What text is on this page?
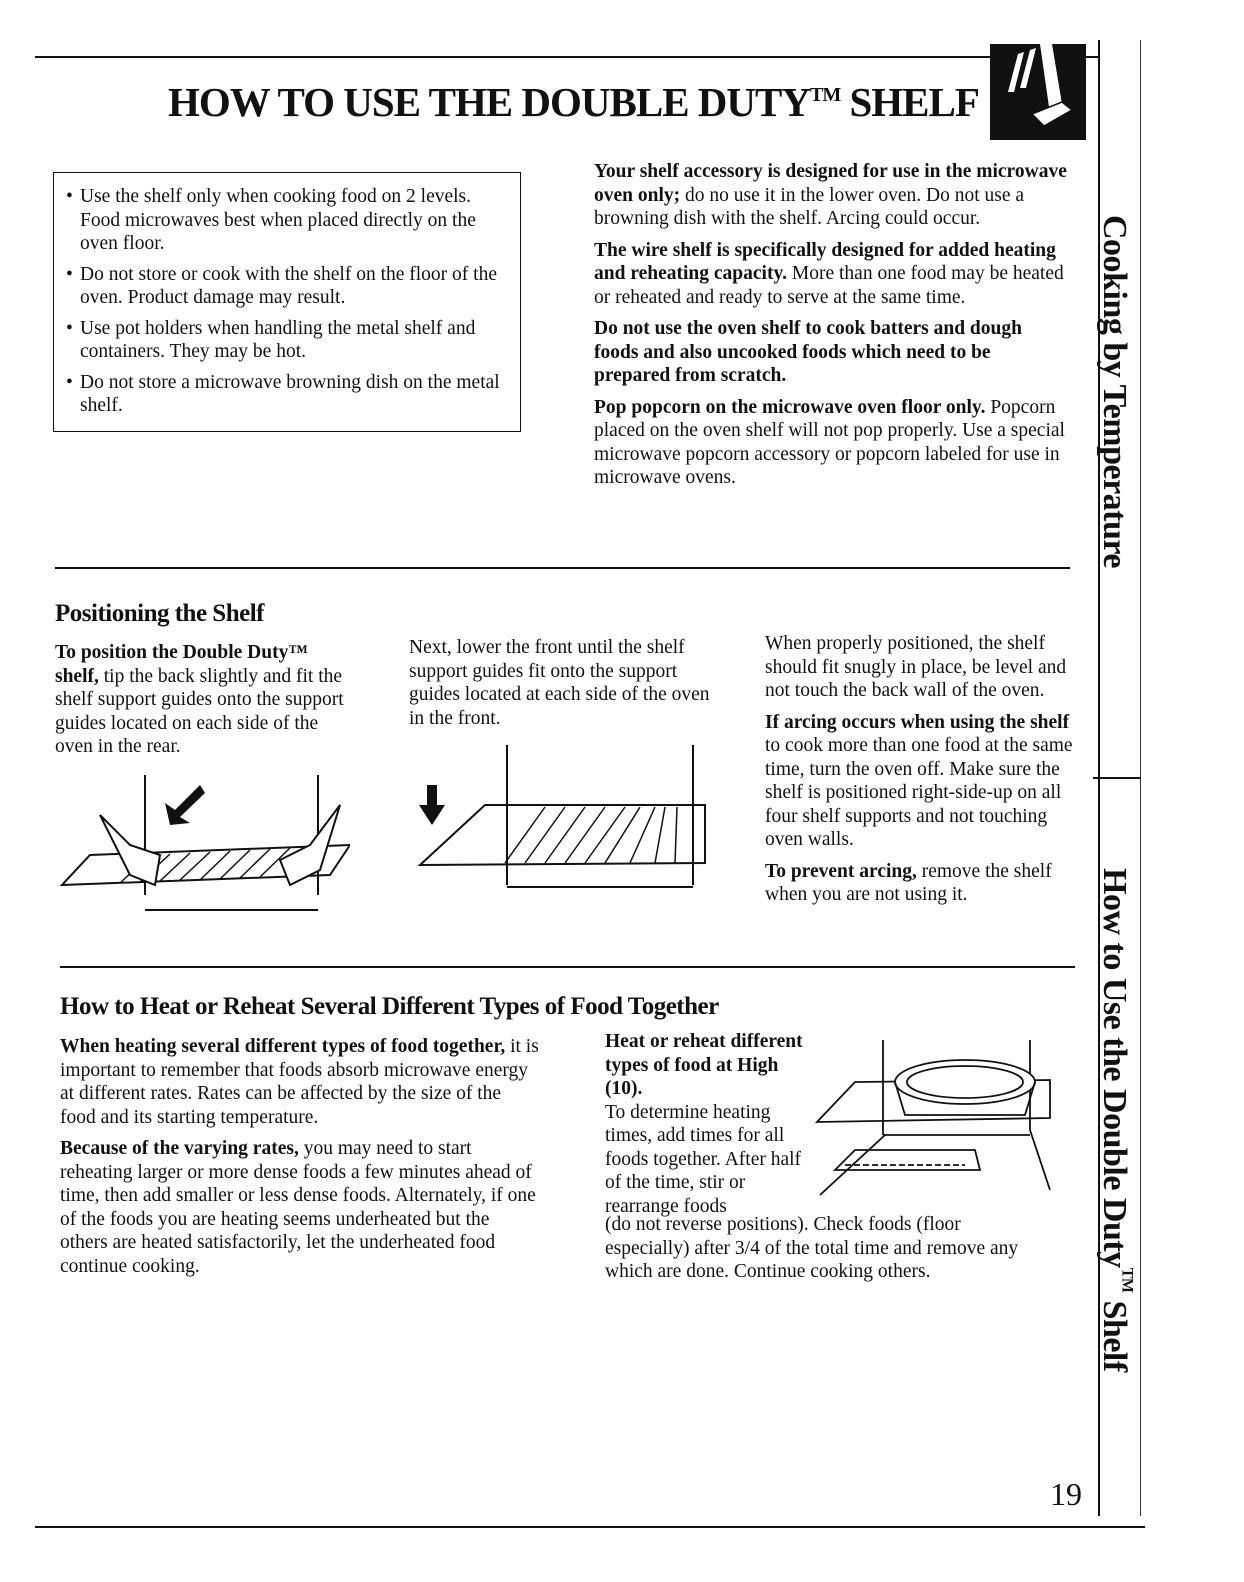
HOW TO USE THE DOUBLE DUTY™ SHELF
• Use the shelf only when cooking food on 2 levels. Food microwaves best when placed directly on the oven floor.
• Do not store or cook with the shelf on the floor of the oven. Product damage may result.
• Use pot holders when handling the metal shelf and containers. They may be hot.
• Do not store a microwave browning dish on the metal shelf.

Your shelf accessory is designed for use in the microwave oven only; do no use it in the lower oven. Do not use a browning dish with the shelf. Arcing could occur.

The wire shelf is specifically designed for added heating and reheating capacity. More than one food may be heated or reheated and ready to serve at the same time.

Do not use the oven shelf to cook batters and dough foods and also uncooked foods which need to be prepared from scratch.

Pop popcorn on the microwave oven floor only. Popcorn placed on the oven shelf will not pop properly. Use a special microwave popcorn accessory or popcorn labeled for use in microwave ovens.

Positioning the Shelf

To position the Double Duty™ shelf, tip the back slightly and fit the shelf support guides onto the support guides located on each side of the oven in the rear.

Next, lower the front until the shelf support guides fit onto the support guides located at each side of the oven in the front.

When properly positioned, the shelf should fit snugly in place, be level and not touch the back wall of the oven.

If arcing occurs when using the shelf to cook more than one food at the same time, turn the oven off. Make sure the shelf is positioned right-side-up on all four shelf supports and not touching oven walls.

To prevent arcing, remove the shelf when you are not using it.

How to Heat or Reheat Several Different Types of Food Together

When heating several different types of food together, it is important to remember that foods absorb microwave energy at different rates. Rates can be affected by the size of the food and its starting temperature.

Because of the varying rates, you may need to start reheating larger or more dense foods a few minutes ahead of time, then add smaller or less dense foods. Alternately, if one of the foods you are heating seems underheated but the others are heated satisfactorily, let the underheated food continue cooking.

Heat or reheat different types of food at High (10).
To determine heating times, add times for all foods together. After half of the time, stir or rearrange foods
(do not reverse positions). Check foods (floor especially) after 3/4 of the total time and remove any which are done. Continue cooking others.
Cooking by Temperature
How to Use the Double Duty™ Shelf
19
